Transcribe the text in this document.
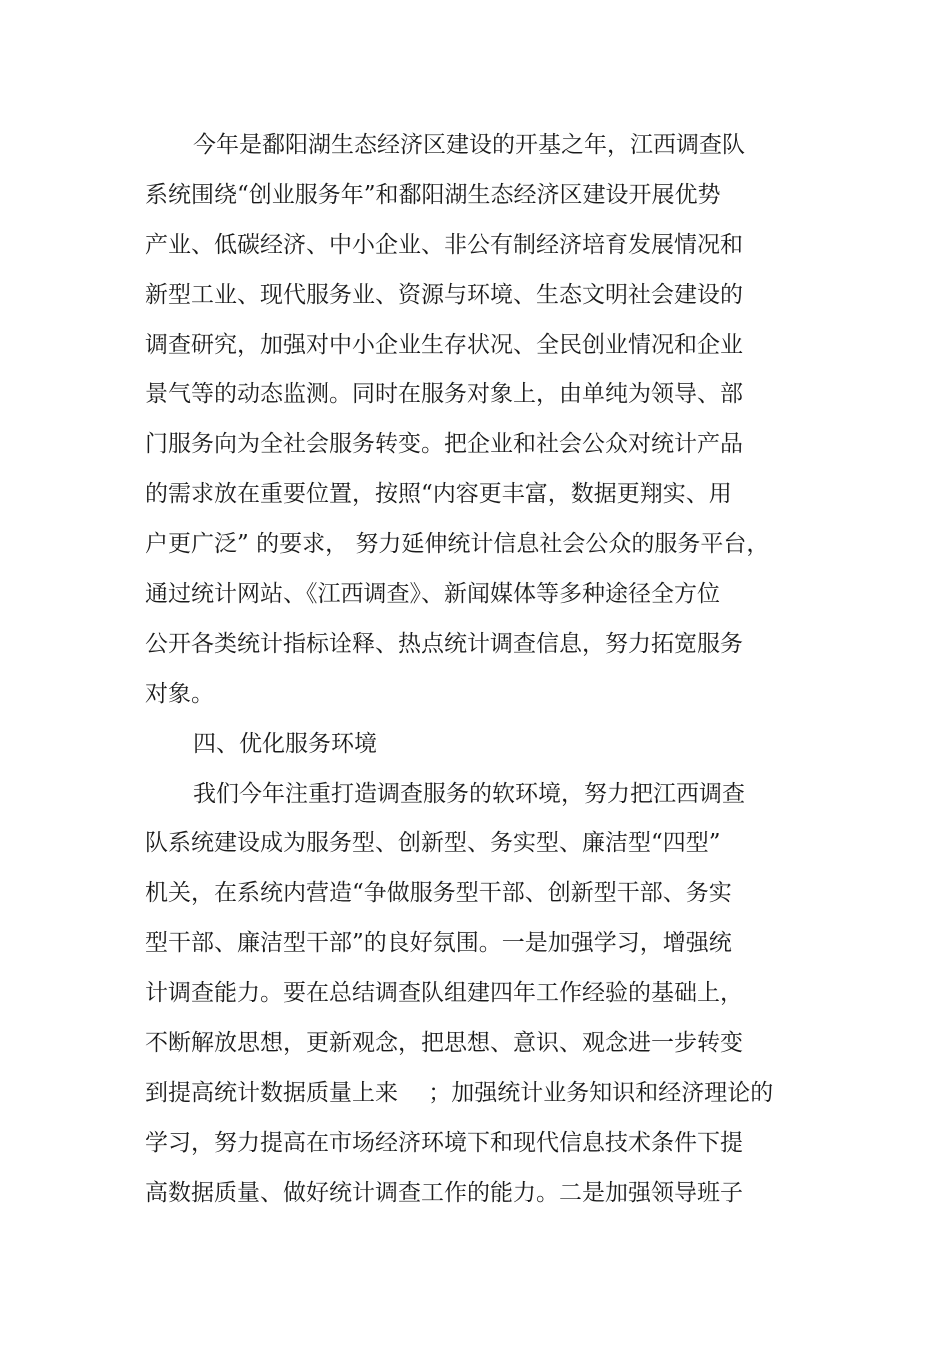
今年是鄱阳湖生态经济区建设的开基之年，江西调查队
系统围绕“创业服务年”和鄱阳湖生态经济区建设开展优势
产业、低碳经济、中小企业、非公有制经济培育发展情况和
新型工业、现代服务业、资源与环境、生态文明社会建设的
调查研究，加强对中小企业生存状况、全民创业情况和企业
景气等的动态监测。同时在服务对象上，由单纯为领导、部
门服务向为全社会服务转变。把企业和社会公众对统计产品
的需求放在重要位置，按照“内容更丰富，数据更翔实、用
户更广泛” 的要求， 努力延伸统计信息社会公众的服务平台，
通过统计网站、《江西调查》、新闻媒体等多种途径全方位
公开各类统计指标诠释、热点统计调查信息，努力拓宽服务
对象。
四、优化服务环境
我们今年注重打造调查服务的软环境，努力把江西调查
队系统建设成为服务型、创新型、务实型、廉洁型“四型”
机关，在系统内营造“争做服务型干部、创新型干部、务实
型干部、廉洁型干部”的良好氛围。一是加强学习，增强统
计调查能力。要在总结调查队组建四年工作经验的基础上，
不断解放思想，更新观念，把思想、意识、观念进一步转变
到提高统计数据质量上来　 ；加强统计业务知识和经济理论的
学习，努力提高在市场经济环境下和现代信息技术条件下提
高数据质量、做好统计调查工作的能力。二是加强领导班子
